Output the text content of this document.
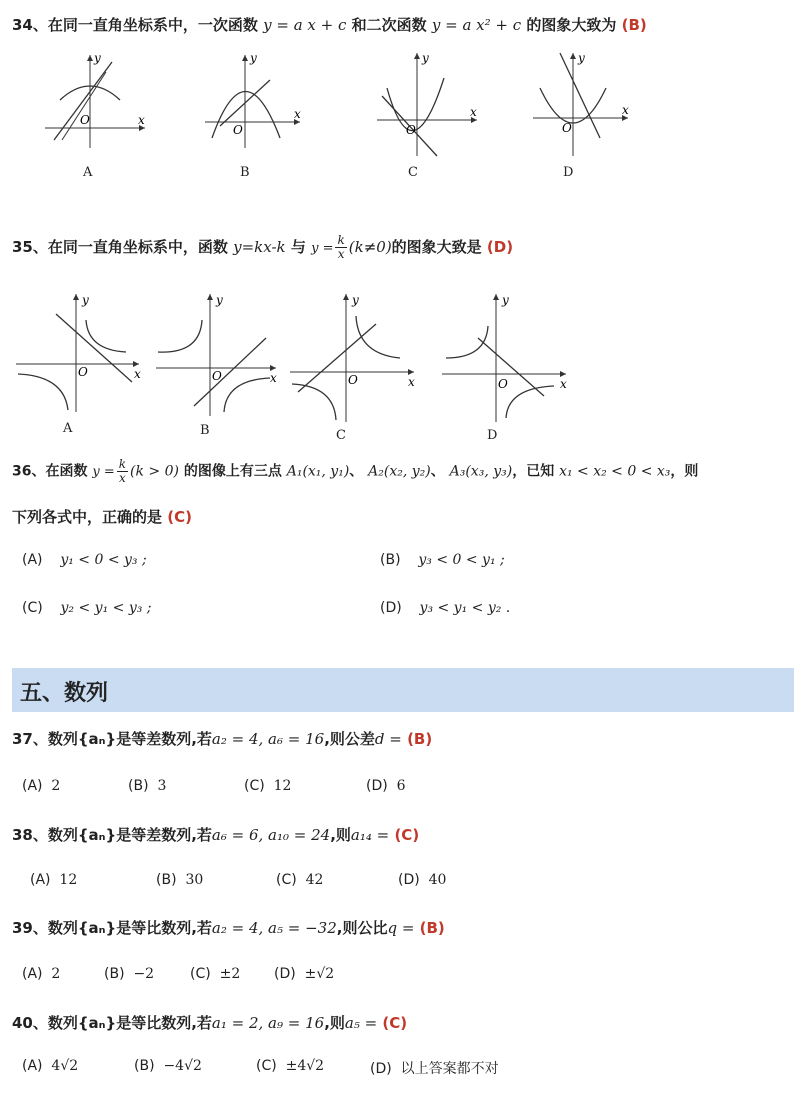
34、在同一直角坐标系中，一次函数 y = a x + c 和二次函数 y = a x² + c 的图象大致为 (B)
y
x
O
A
y
x
O
B
y
x
O
C
y
x
O
D
35、在同一直角坐标系中，函数 y=kx-k 与 $y = \frac{k}{x} (k\ne 0)$的图象大致是 (D)
y
x
O
A
y
x
O
B
y
x
O
C
y
x
O
D
36、在函数 $y = \frac{k}{x} (k > 0)$ 的图像上有三点 A₁(x₁, y₁)、 A₂(x₂, y₂)、 A₃(x₃, y₃)，已知 x₁ < x₂ < 0 < x₃，则
下列各式中，正确的是 (C)
(A) y₁ < 0 < y₃ ;	(B) y₃ < 0 < y₁ ;
(C) y₂ < y₁ < y₃ ;	(D) y₃ < y₁ < y₂ .
五、数列
37、数列{aₙ}是等差数列,若a₂ = 4, a₆ = 16,则公差d = (B)
(A) 2	(B) 3	(C) 12	(D) 6
38、数列{aₙ}是等差数列,若a₆ = 6, a₁₀ = 24,则a₁₄ = (C)
(A) 12	(B) 30	(C) 42	(D) 40
39、数列{aₙ}是等比数列,若a₂ = 4, a₅ = −32,则公比q = (B)
(A) 2	(B) −2	(C) ±2 (D) ±√2
40、数列{aₙ}是等比数列,若a₁ = 2, a₉ = 16,则a₅ = (C)
(A) 4√2	(B) −4√2	(C) ±4√2	(D) 以上答案都不对
